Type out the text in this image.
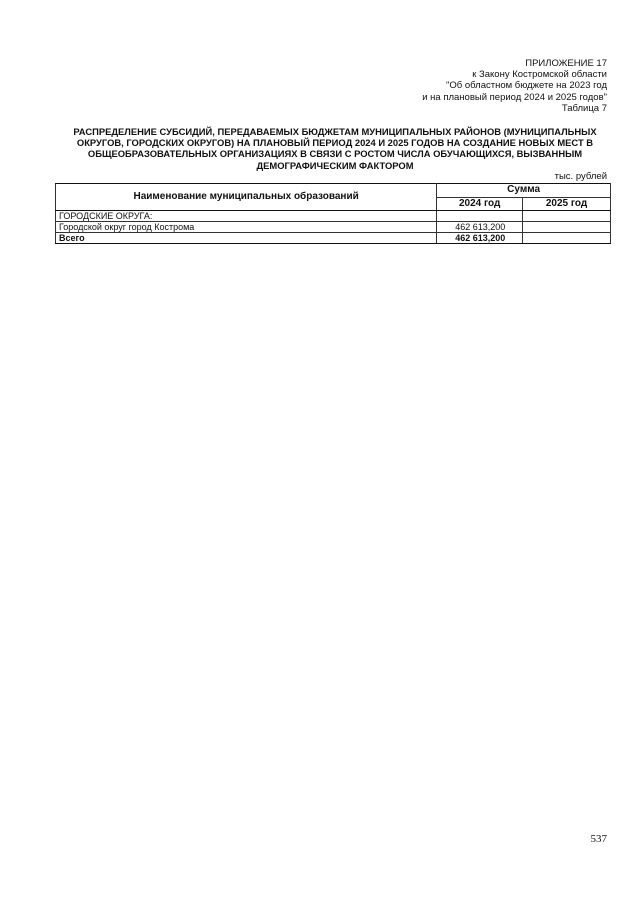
ПРИЛОЖЕНИЕ 17
к Закону Костромской области
"Об областном бюджете на 2023 год
и на плановый период 2024 и 2025 годов"
Таблица 7
РАСПРЕДЕЛЕНИЕ СУБСИДИЙ, ПЕРЕДАВАЕМЫХ БЮДЖЕТАМ МУНИЦИПАЛЬНЫХ РАЙОНОВ (МУНИЦИПАЛЬНЫХ ОКРУГОВ, ГОРОДСКИХ ОКРУГОВ) НА ПЛАНОВЫЙ ПЕРИОД 2024 И 2025 ГОДОВ НА СОЗДАНИЕ НОВЫХ МЕСТ В ОБЩЕОБРАЗОВАТЕЛЬНЫХ ОРГАНИЗАЦИЯХ В СВЯЗИ С РОСТОМ ЧИСЛА ОБУЧАЮЩИХСЯ, ВЫЗВАННЫМ ДЕМОГРАФИЧЕСКИМ ФАКТОРОМ
тыс. рублей
Наименование муниципальных образований	Сумма	
	2024 год	2025 год
ГОРОДСКИЕ ОКРУГА:		
Городской округ город Кострома	462 613,200	
Всего	462 613,200	
537
